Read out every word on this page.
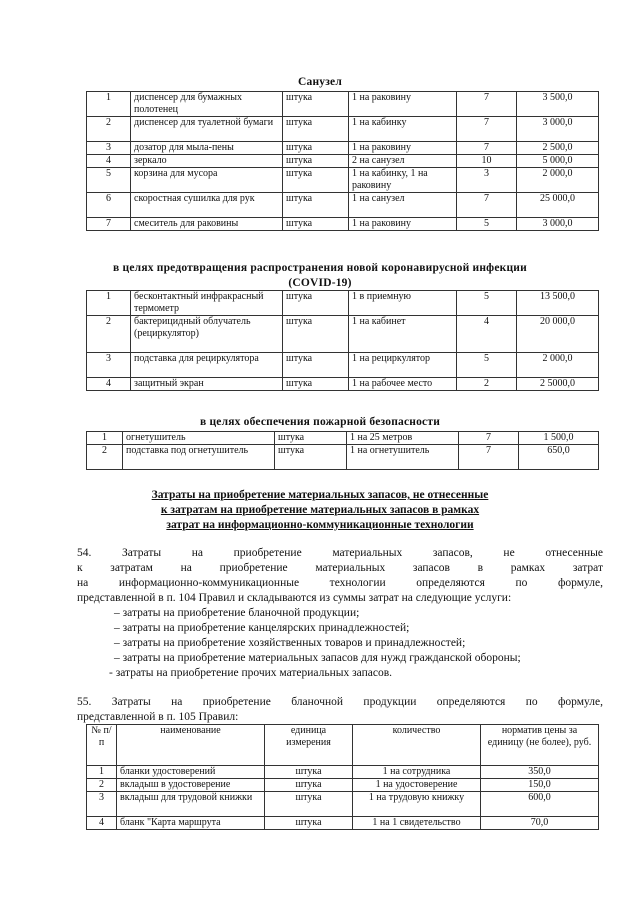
Санузел
1	диспенсер для бумажных полотенец	штука	1 на раковину	7	3 500,0
2	диспенсер для туалетной бумаги	штука	1 на кабинку	7	3 000,0
3	дозатор для мыла-пены	штука	1 на раковину	7	2 500,0
4	зеркало	штука	2 на санузел	10	5 000,0
5	корзина для мусора	штука	1 на кабинку, 1 на раковину	3	2 000,0
6	скоростная сушилка для рук	штука	1 на санузел	7	25 000,0
7	смеситель для раковины	штука	1 на раковину	5	3 000,0
в целях предотвращения распространения новой коронавирусной инфекции
(COVID-19)
1	бесконтактный инфракрасный термометр	штука	1 в приемную	5	13 500,0
2	бактерицидный облучатель (рециркулятор)	штука	1 на кабинет	4	20 000,0
3	подставка для рециркулятора	штука	1 на рециркулятор	5	2 000,0
4	защитный экран	штука	1 на рабочее место	2	2 5000,0
в целях обеспечения пожарной безопасности
1	огнетушитель	штука	1 на 25 метров	7	1 500,0
2	подставка под огнетушитель	штука	1 на огнетушитель	7	650,0
Затраты на приобретение материальных запасов, не отнесенные
к затратам на приобретение материальных запасов в рамках
затрат на информационно-коммуникационные технологии
54.       Затраты       на       приобретение       материальных       запасов,       не       отнесенные
к     затратам     на     приобретение     материальных     запасов     в     рамках     затрат
на    информационно-коммуникационные    технологии    определяются    по    формуле,
представленной в п. 104 Правил и складываются из суммы затрат на следующие услуги:
– затраты на приобретение бланочной продукции;
– затраты на приобретение канцелярских принадлежностей;
– затраты на приобретение хозяйственных товаров и принадлежностей;
– затраты на приобретение материальных запасов для нужд гражданской обороны;
- затраты на приобретение прочих материальных запасов.
55.  Затраты  на  приобретение  бланочной  продукции  определяются  по  формуле,
представленной в п. 105 Правил:
№ п/п	наименование	единица измерения	количество	норматив цены за единицу (не более), руб.
1	бланки удостоверений	штука	1 на сотрудника	350,0
2	вкладыш в удостоверение	штука	1 на удостоверение	150,0
3	вкладыш для трудовой книжки	штука	1 на трудовую книжку	600,0
4	бланк "Карта маршрута	штука	1 на 1 свидетельство	70,0
